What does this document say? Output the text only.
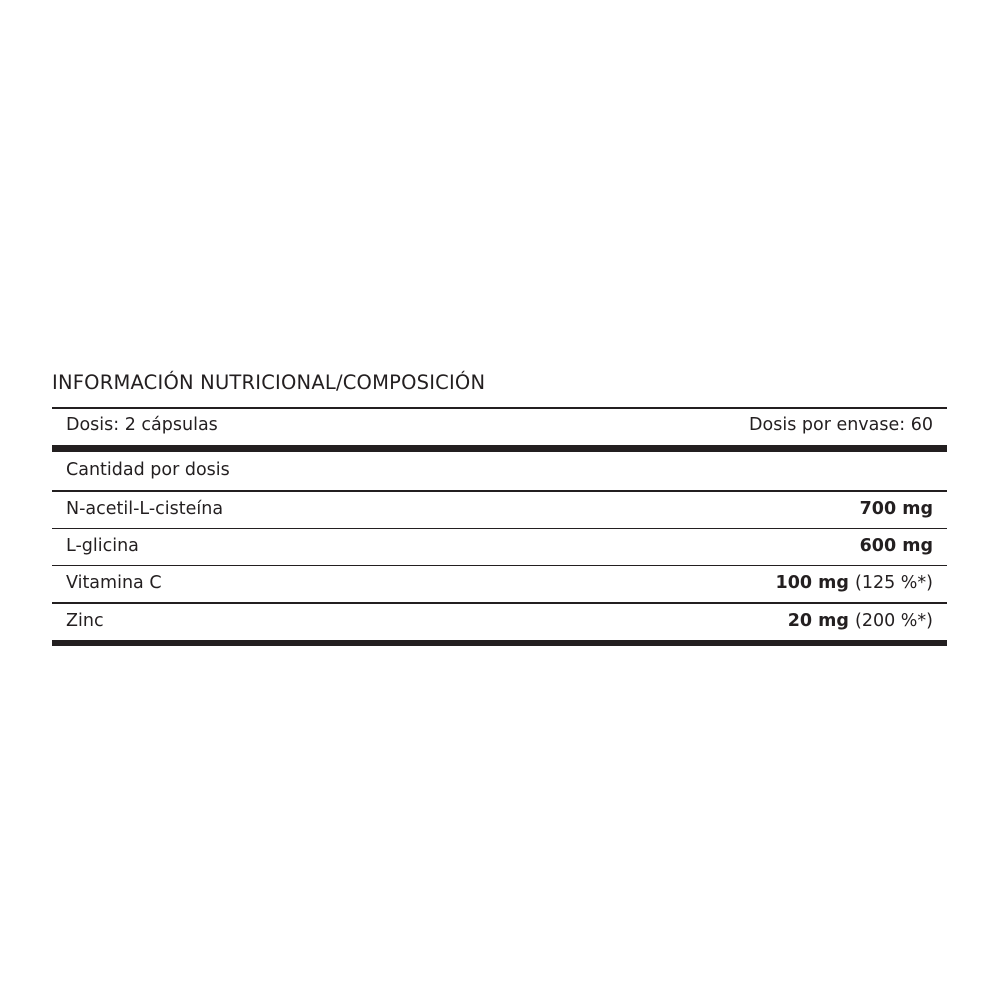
INFORMACIÓN NUTRICIONAL/COMPOSICIÓN
Dosis: 2 cápsulas	Dosis por envase: 60
Cantidad por dosis
N-acetil-L-cisteína	700 mg
L-glicina	600 mg
Vitamina C	100 mg (125 %*)
Zinc	20 mg (200 %*)
